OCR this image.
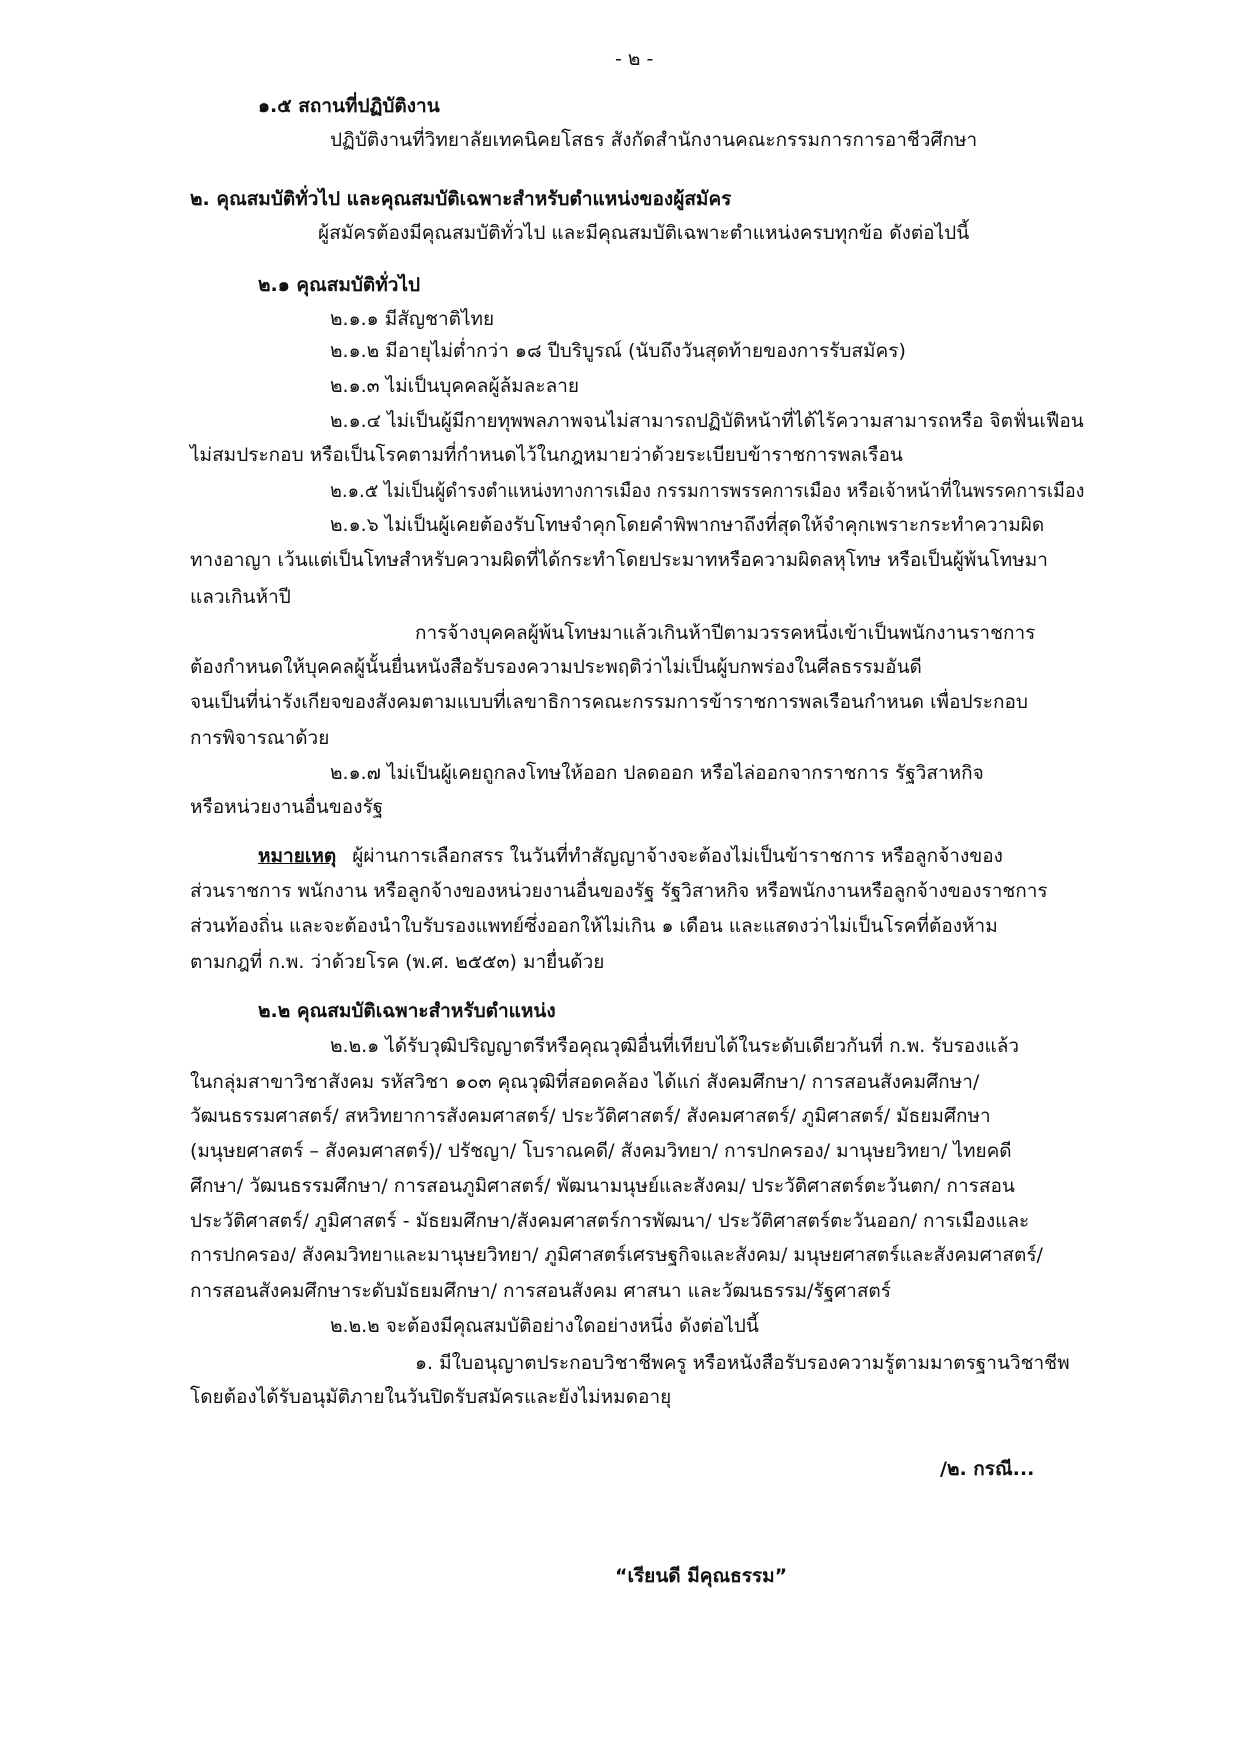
- ๒ -
๑.๕ สถานที่ปฏิบัติงาน
ปฏิบัติงานที่วิทยาลัยเทคนิคยโสธร สังกัดสำนักงานคณะกรรมการการอาชีวศึกษา
๒. คุณสมบัติทั่วไป และคุณสมบัติเฉพาะสำหรับตำแหน่งของผู้สมัคร
ผู้สมัครต้องมีคุณสมบัติทั่วไป และมีคุณสมบัติเฉพาะตำแหน่งครบทุกข้อ ดังต่อไปนี้
๒.๑ คุณสมบัติทั่วไป
๒.๑.๑ มีสัญชาติไทย
๒.๑.๒ มีอายุไม่ต่ำกว่า ๑๘ ปีบริบูรณ์ (นับถึงวันสุดท้ายของการรับสมัคร)
๒.๑.๓ ไม่เป็นบุคคลผู้ล้มละลาย
๒.๑.๔ ไม่เป็นผู้มีกายทุพพลภาพจนไม่สามารถปฏิบัติหน้าที่ได้ไร้ความสามารถหรือ จิตฟั่นเฟือน
ไม่สมประกอบ หรือเป็นโรคตามที่กำหนดไว้ในกฎหมายว่าด้วยระเบียบข้าราชการพลเรือน
๒.๑.๕ ไม่เป็นผู้ดำรงตำแหน่งทางการเมือง กรรมการพรรคการเมือง หรือเจ้าหน้าที่ในพรรคการเมือง
๒.๑.๖ ไม่เป็นผู้เคยต้องรับโทษจำคุกโดยคำพิพากษาถึงที่สุดให้จำคุกเพราะกระทำความผิด
ทางอาญา เว้นแต่เป็นโทษสำหรับความผิดที่ได้กระทำโดยประมาทหรือความผิดลหุโทษ หรือเป็นผู้พ้นโทษมา
แลวเกินห้าปี
การจ้างบุคคลผู้พ้นโทษมาแล้วเกินห้าปีตามวรรคหนึ่งเข้าเป็นพนักงานราชการ
ต้องกำหนดให้บุคคลผู้นั้นยื่นหนังสือรับรองความประพฤติว่าไม่เป็นผู้บกพร่องในศีลธรรมอันดี
จนเป็นที่น่ารังเกียจของสังคมตามแบบที่เลขาธิการคณะกรรมการข้าราชการพลเรือนกำหนด เพื่อประกอบ
การพิจารณาด้วย
๒.๑.๗ ไม่เป็นผู้เคยถูกลงโทษให้ออก ปลดออก หรือไล่ออกจากราชการ รัฐวิสาหกิจ
หรือหน่วยงานอื่นของรัฐ
หมายเหตุ ผู้ผ่านการเลือกสรร ในวันที่ทำสัญญาจ้างจะต้องไม่เป็นข้าราชการ หรือลูกจ้างของ
ส่วนราชการ พนักงาน หรือลูกจ้างของหน่วยงานอื่นของรัฐ รัฐวิสาหกิจ หรือพนักงานหรือลูกจ้างของราชการ
ส่วนท้องถิ่น และจะต้องนำใบรับรองแพทย์ซึ่งออกให้ไม่เกิน ๑ เดือน และแสดงว่าไม่เป็นโรคที่ต้องห้าม
ตามกฎที่ ก.พ. ว่าด้วยโรค (พ.ศ. ๒๕๕๓) มายื่นด้วย
๒.๒ คุณสมบัติเฉพาะสำหรับตำแหน่ง
๒.๒.๑ ได้รับวุฒิปริญญาตรีหรือคุณวุฒิอื่นที่เทียบได้ในระดับเดียวกันที่ ก.พ. รับรองแล้ว
ในกลุ่มสาขาวิชาสังคม รหัสวิชา ๑๐๓ คุณวุฒิที่สอดคล้อง ได้แก่ สังคมศึกษา/ การสอนสังคมศึกษา/
วัฒนธรรมศาสตร์/ สหวิทยาการสังคมศาสตร์/ ประวัติศาสตร์/ สังคมศาสตร์/ ภูมิศาสตร์/ มัธยมศึกษา
(มนุษยศาสตร์ – สังคมศาสตร์)/ ปรัชญา/ โบราณคดี/ สังคมวิทยา/ การปกครอง/ มานุษยวิทยา/ ไทยคดี
ศึกษา/ วัฒนธรรมศึกษา/ การสอนภูมิศาสตร์/ พัฒนามนุษย์และสังคม/ ประวัติศาสตร์ตะวันตก/ การสอน
ประวัติศาสตร์/ ภูมิศาสตร์ - มัธยมศึกษา/สังคมศาสตร์การพัฒนา/ ประวัติศาสตร์ตะวันออก/ การเมืองและ
การปกครอง/ สังคมวิทยาและมานุษยวิทยา/ ภูมิศาสตร์เศรษฐกิจและสังคม/ มนุษยศาสตร์และสังคมศาสตร์/
การสอนสังคมศึกษาระดับมัธยมศึกษา/ การสอนสังคม ศาสนา และวัฒนธรรม/รัฐศาสตร์
๒.๒.๒ จะต้องมีคุณสมบัติอย่างใดอย่างหนึ่ง ดังต่อไปนี้
๑. มีใบอนุญาตประกอบวิชาชีพครู หรือหนังสือรับรองความรู้ตามมาตรฐานวิชาชีพ
โดยต้องได้รับอนุมัติภายในวันปิดรับสมัครและยังไม่หมดอายุ
/๒. กรณี...
“เรียนดี มีคุณธรรม”
